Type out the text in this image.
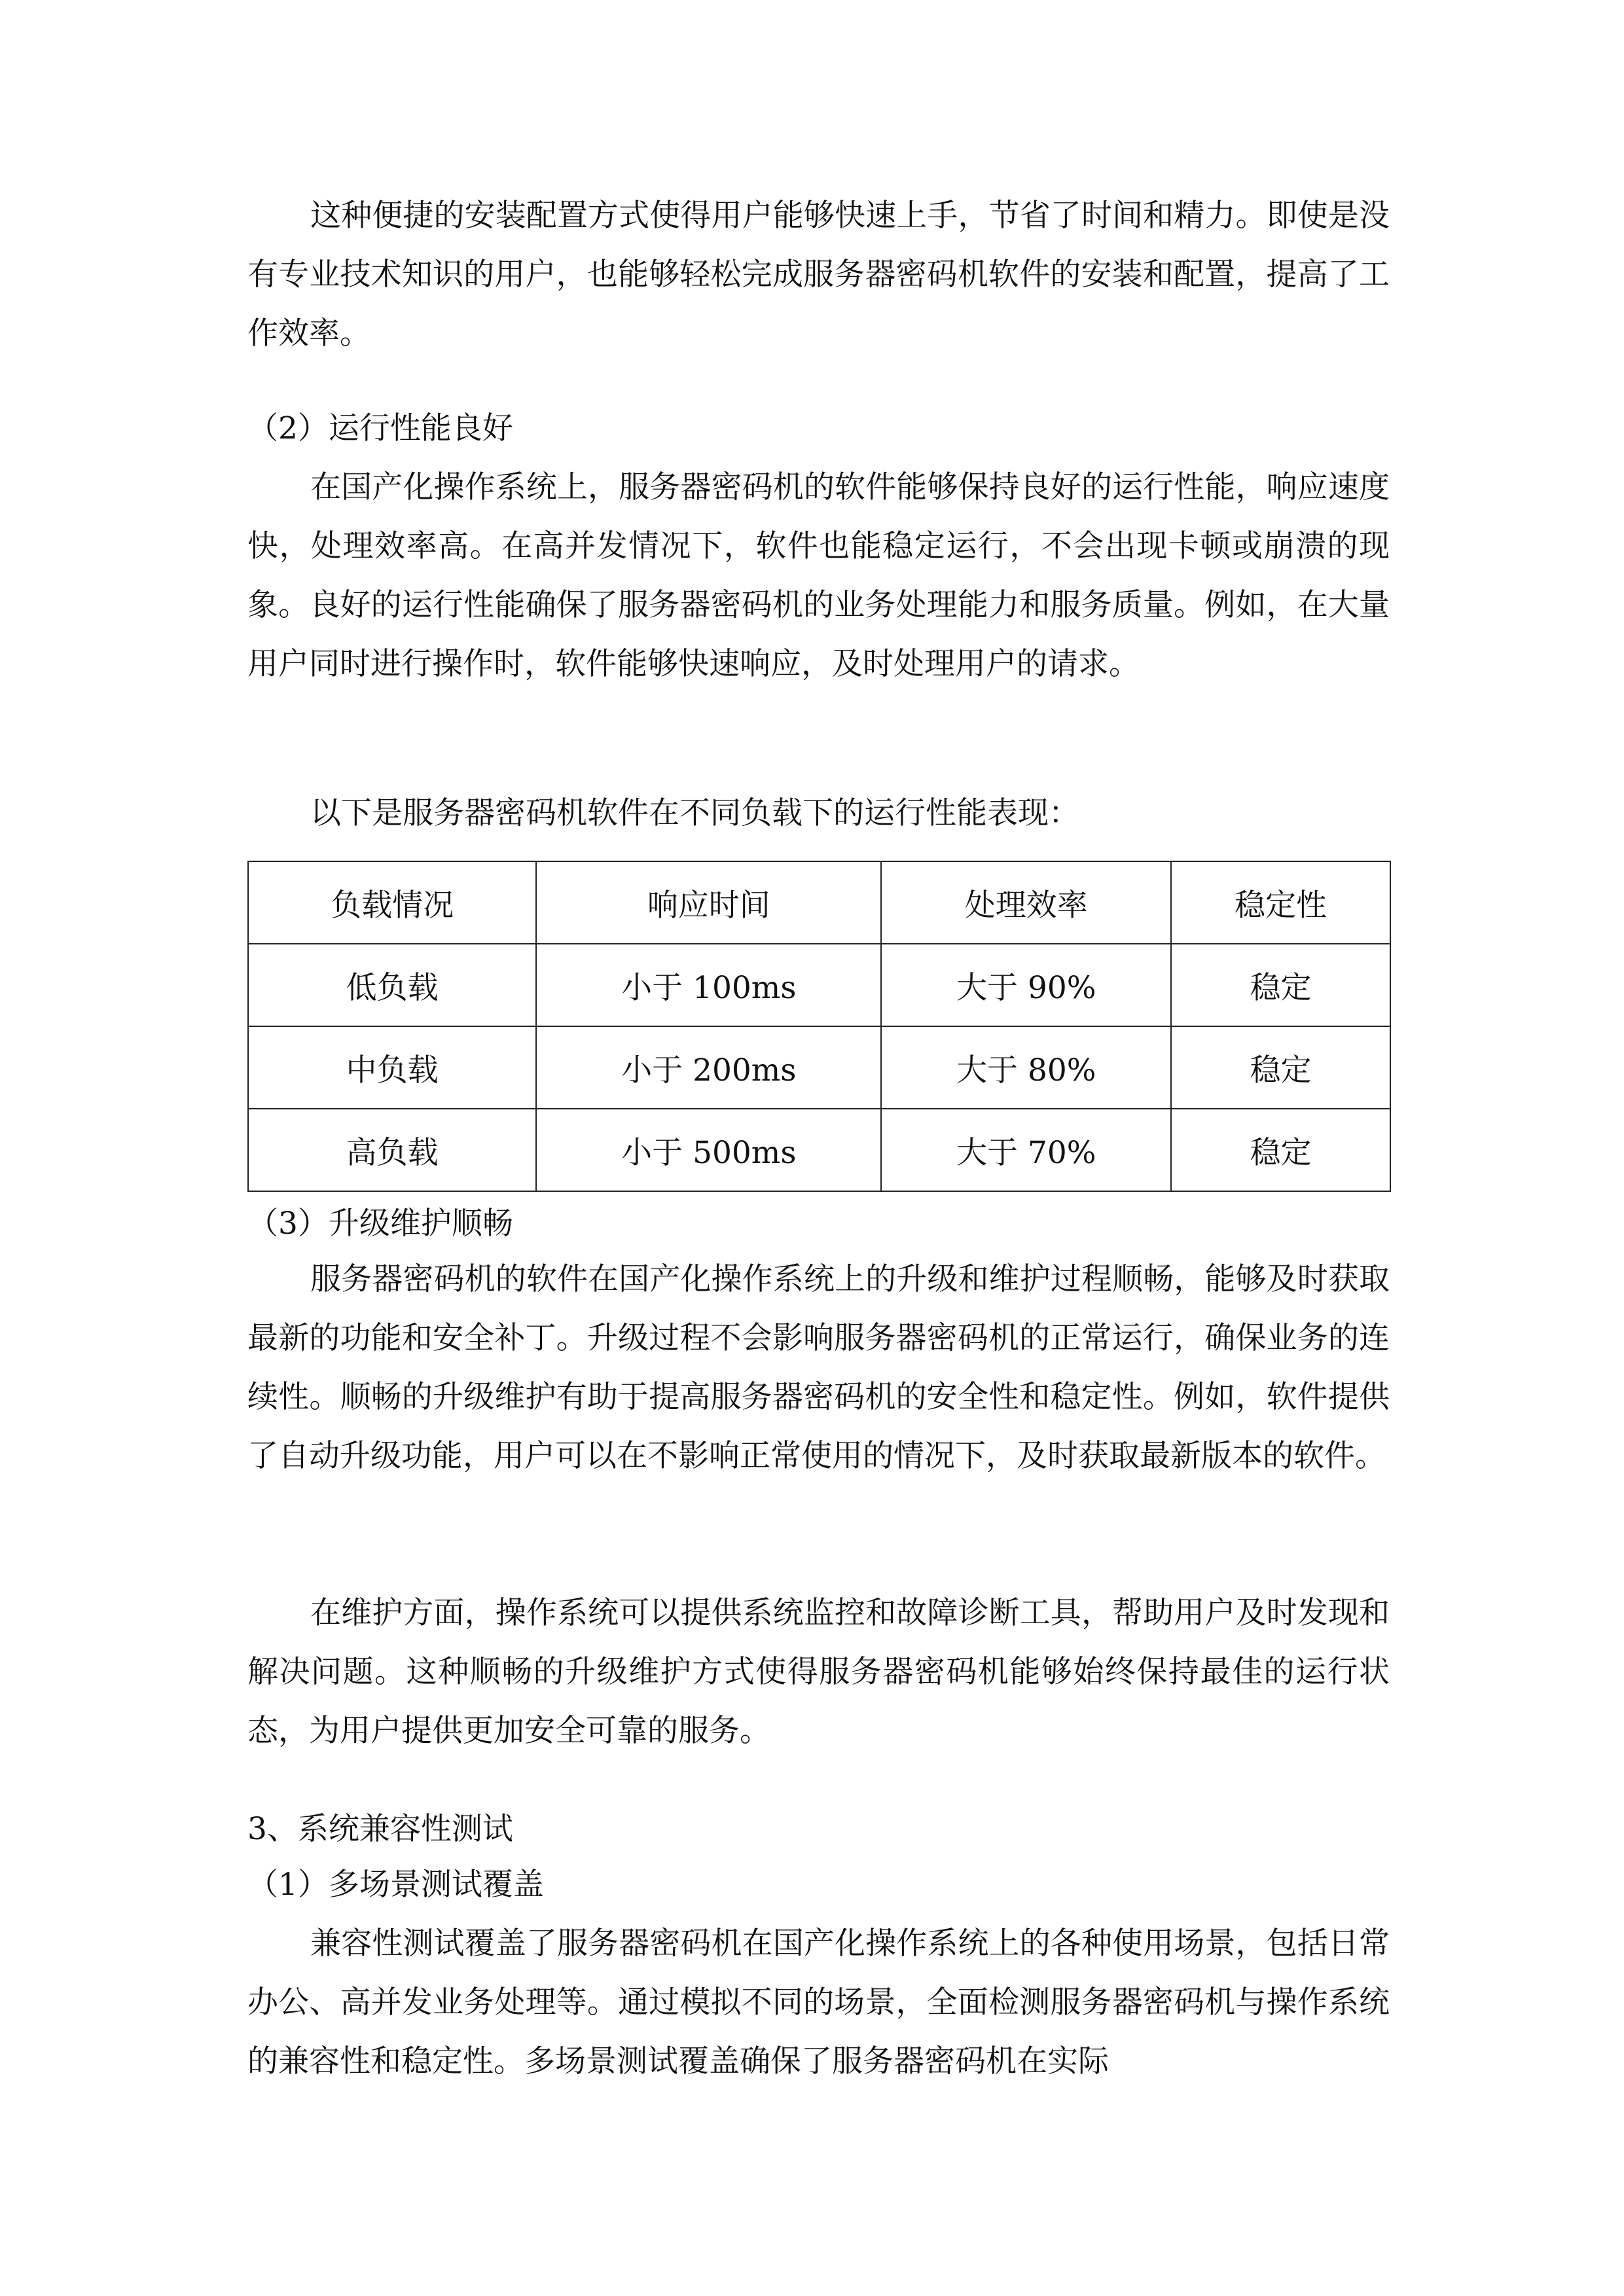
这种便捷的安装配置方式使得用户能够快速上手，节省了时间和精力。即使是没有专业技术知识的用户，也能够轻松完成服务器密码机软件的安装和配置，提高了工作效率。

（2）运行性能良好

在国产化操作系统上，服务器密码机的软件能够保持良好的运行性能，响应速度快，处理效率高。在高并发情况下，软件也能稳定运行，不会出现卡顿或崩溃的现象。良好的运行性能确保了服务器密码机的业务处理能力和服务质量。例如，在大量用户同时进行操作时，软件能够快速响应，及时处理用户的请求。

以下是服务器密码机软件在不同负载下的运行性能表现：

负载情况	响应时间	处理效率	稳定性
低负载	小于 100ms	大于 90%	稳定
中负载	小于 200ms	大于 80%	稳定
高负载	小于 500ms	大于 70%	稳定

（3）升级维护顺畅

服务器密码机的软件在国产化操作系统上的升级和维护过程顺畅，能够及时获取最新的功能和安全补丁。升级过程不会影响服务器密码机的正常运行，确保业务的连续性。顺畅的升级维护有助于提高服务器密码机的安全性和稳定性。例如，软件提供了自动升级功能，用户可以在不影响正常使用的情况下，及时获取最新版本的软件。

在维护方面，操作系统可以提供系统监控和故障诊断工具，帮助用户及时发现和解决问题。这种顺畅的升级维护方式使得服务器密码机能够始终保持最佳的运行状态，为用户提供更加安全可靠的服务。

3、系统兼容性测试

（1）多场景测试覆盖

兼容性测试覆盖了服务器密码机在国产化操作系统上的各种使用场景，包括日常办公、高并发业务处理等。通过模拟不同的场景，全面检测服务器密码机与操作系统的兼容性和稳定性。多场景测试覆盖确保了服务器密码机在实际
